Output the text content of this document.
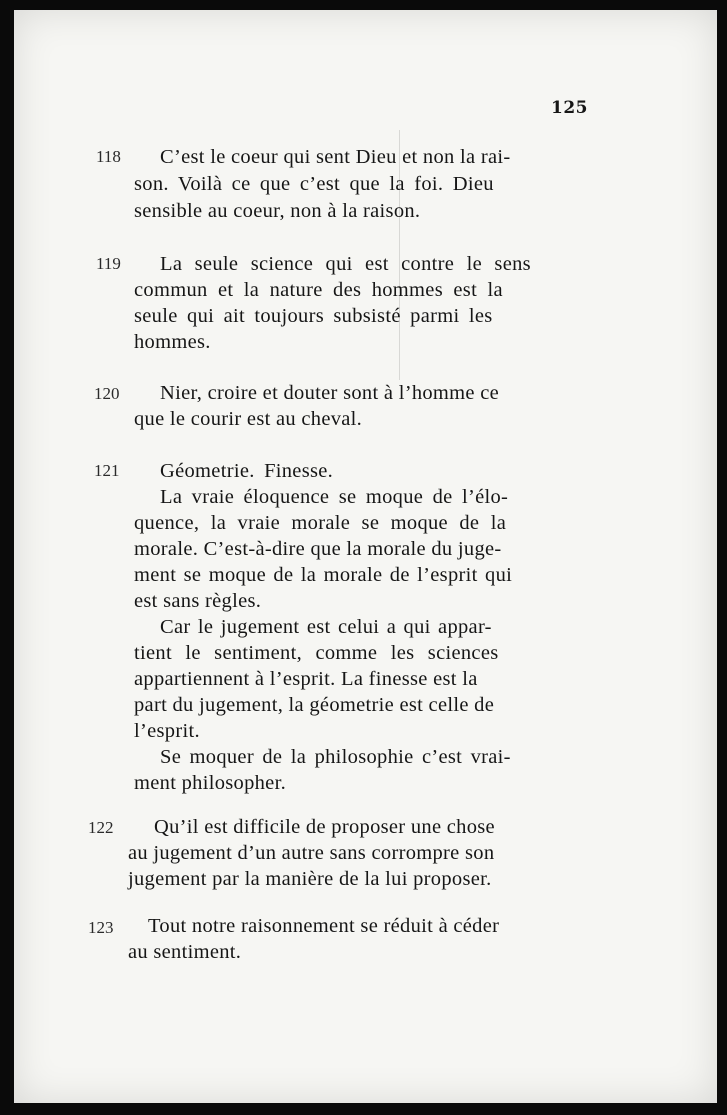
125
118 C’est le coeur qui sent Dieu et non la rai-
son. Voilà ce que c’est que la foi. Dieu
sensible au coeur, non à la raison.
119 La seule science qui est contre le sens
commun et la nature des hommes est la
seule qui ait toujours subsisté parmi les
hommes.
120 Nier, croire et douter sont à l’homme ce
que le courir est au cheval.
121 Géometrie. Finesse.
La vraie éloquence se moque de l’élo-
quence, la vraie morale se moque de la
morale. C’est-à-dire que la morale du juge-
ment se moque de la morale de l’esprit qui
est sans règles.
Car le jugement est celui a qui appar-
tient le sentiment, comme les sciences
appartiennent à l’esprit. La finesse est la
part du jugement, la géometrie est celle de
l’esprit.
Se moquer de la philosophie c’est vrai-
ment philosopher.
122 Qu’il est difficile de proposer une chose
au jugement d’un autre sans corrompre son
jugement par la manière de la lui proposer.
123 Tout notre raisonnement se réduit à céder
au sentiment.
